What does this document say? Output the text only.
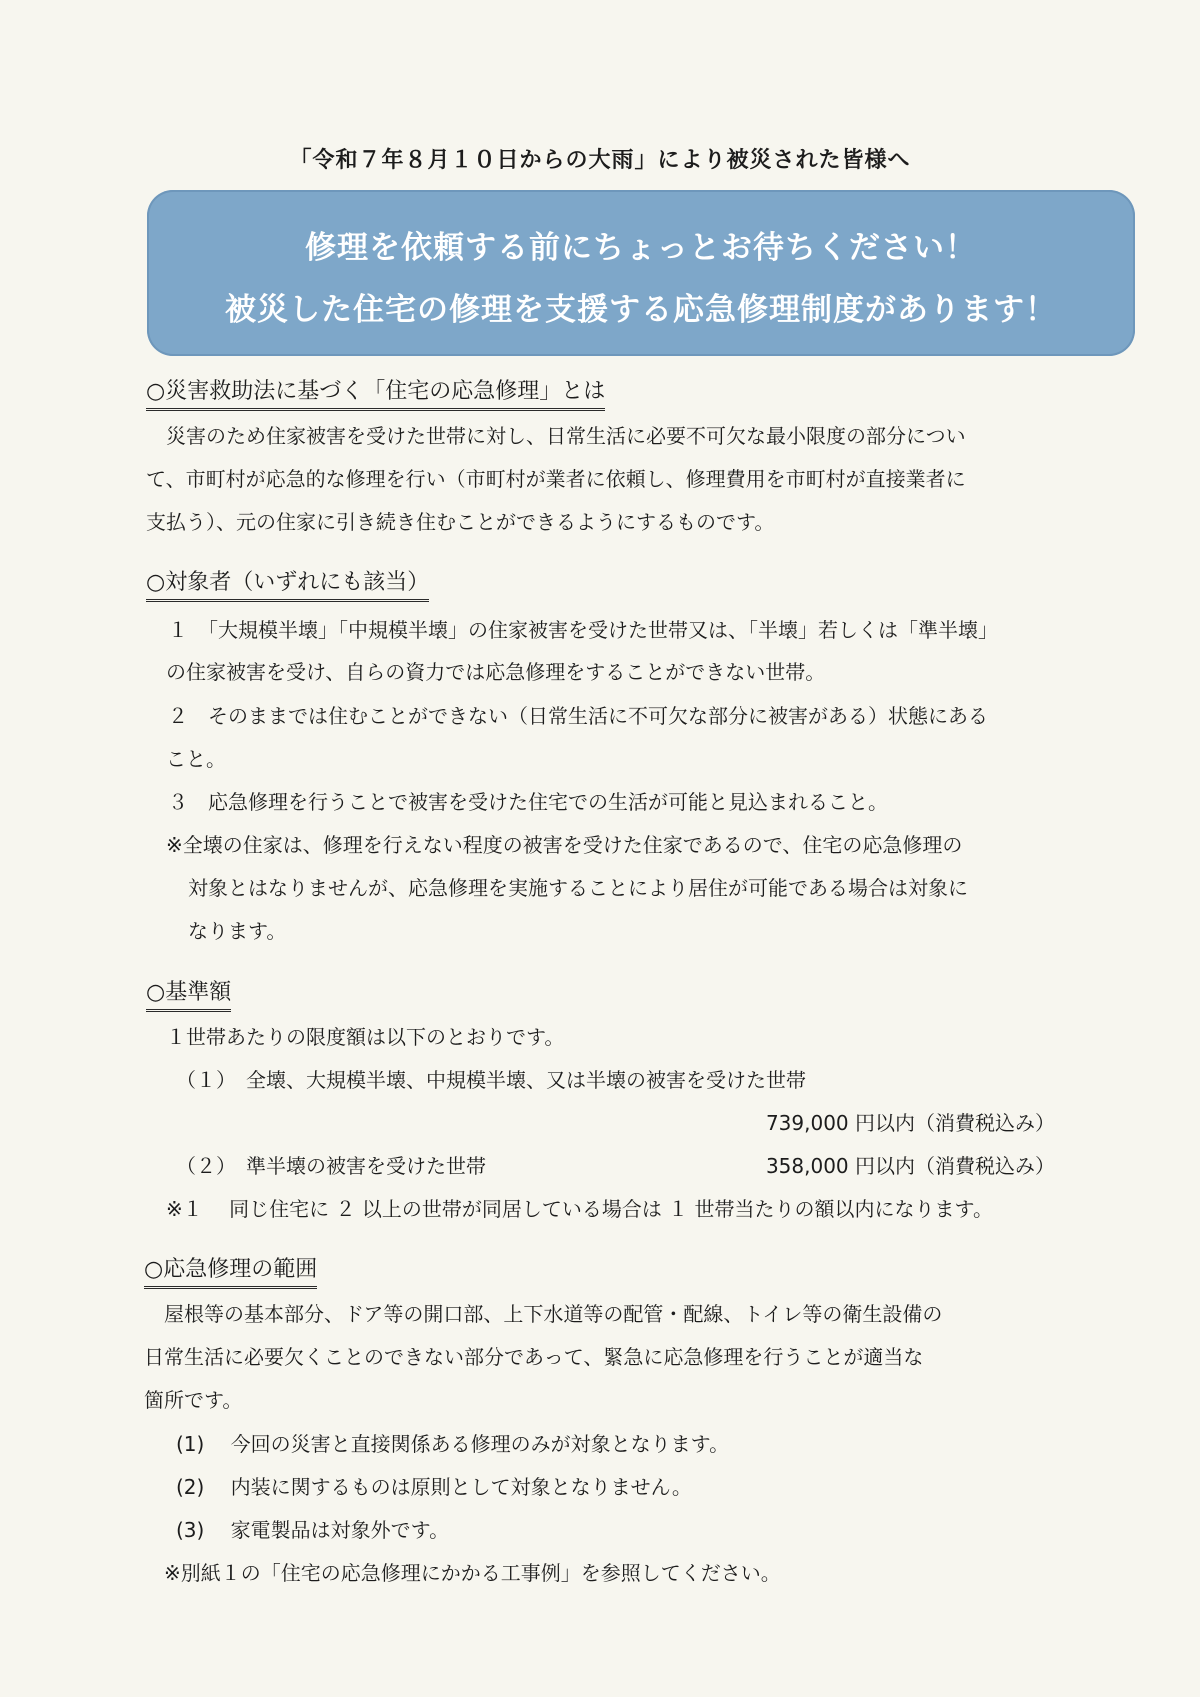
「令和７年８月１０日からの大雨」により被災された皆様へ
修理を依頼する前にちょっとお待ちください！
被災した住宅の修理を支援する応急修理制度があります！
○災害救助法に基づく「住宅の応急修理」とは
　災害のため住家被害を受けた世帯に対し、日常生活に必要不可欠な最小限度の部分につい
て、市町村が応急的な修理を行い（市町村が業者に依頼し、修理費用を市町村が直接業者に
支払う）、元の住家に引き続き住むことができるようにするものです。
○対象者（いずれにも該当）
１　「大規模半壊」「中規模半壊」の住家被害を受けた世帯又は、「半壊」若しくは「準半壊」
の住家被害を受け、自らの資力では応急修理をすることができない世帯。
２　そのままでは住むことができない（日常生活に不可欠な部分に被害がある）状態にある
こと。
３　応急修理を行うことで被害を受けた住宅での生活が可能と見込まれること。
※全壊の住家は、修理を行えない程度の被害を受けた住家であるので、住宅の応急修理の
対象とはなりませんが、応急修理を実施することにより居住が可能である場合は対象に
なります。
○基準額
１世帯あたりの限度額は以下のとおりです。
（１）　全壊、大規模半壊、中規模半壊、又は半壊の被害を受けた世帯
739,000 円以内（消費税込み）
（２）　準半壊の被害を受けた世帯	358,000 円以内（消費税込み）
※１　 同じ住宅に ２ 以上の世帯が同居している場合は １ 世帯当たりの額以内になります。
○応急修理の範囲
　屋根等の基本部分、ドア等の開口部、上下水道等の配管・配線、トイレ等の衛生設備の
日常生活に必要欠くことのできない部分であって、緊急に応急修理を行うことが適当な
箇所です。
(1)　 今回の災害と直接関係ある修理のみが対象となります。
(2)　 内装に関するものは原則として対象となりません。
(3)　 家電製品は対象外です。
※別紙１の「住宅の応急修理にかかる工事例」を参照してください。
